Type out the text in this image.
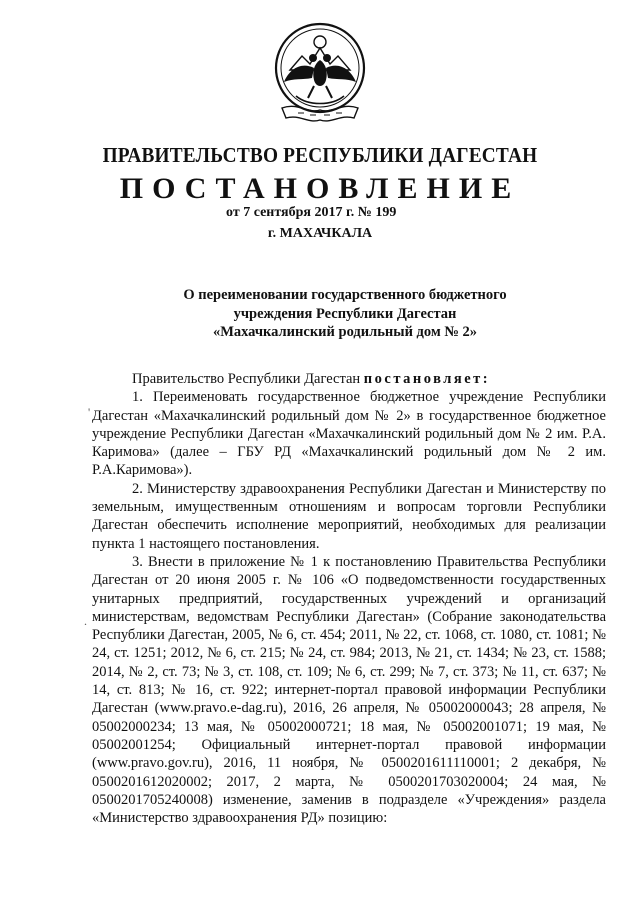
ПРАВИТЕЛЬСТВО РЕСПУБЛИКИ ДАГЕСТАН
ПОСТАНОВЛЕНИЕ
от 7 сентября 2017 г. № 199
г. МАХАЧКАЛА
О переименовании государственного бюджетного
учреждения Республики Дагестан
«Махачкалинский родильный дом № 2»

Правительство Республики Дагестан постановляет:

1. Переименовать государственное бюджетное учреждение Республики Дагестан «Махачкалинский родильный дом № 2» в государственное бюджетное учреждение Республики Дагестан «Махачкалинский родильный дом № 2 им. Р.А. Каримова» (далее – ГБУ РД «Махачкалинский родильный дом № 2 им. Р.А.Каримова»).

2. Министерству здравоохранения Республики Дагестан и Министерству по земельным, имущественным отношениям и вопросам торговли Республики Дагестан обеспечить исполнение мероприятий, необходимых для реализации пункта 1 настоящего постановления.

3. Внести в приложение № 1 к постановлению Правительства Республики Дагестан от 20 июня 2005 г. № 106 «О подведомственности государственных унитарных предприятий, государственных учреждений и организаций министерствам, ведомствам Республики Дагестан» (Собрание законодательства Республики Дагестан, 2005, № 6, ст. 454; 2011, № 22, ст. 1068, ст. 1080, ст. 1081; № 24, ст. 1251; 2012, № 6, ст. 215; № 24, ст. 984; 2013, № 21, ст. 1434; № 23, ст. 1588; 2014, № 2, ст. 73; № 3, ст. 108, ст. 109; № 6, ст. 299; № 7, ст. 373; № 11, ст. 637; № 14, ст. 813; № 16, ст. 922; интернет-портал правовой информации Республики Дагестан (www.pravo.e-dag.ru), 2016, 26 апреля, № 05002000043; 28 апреля, № 05002000234; 13 мая, № 05002000721; 18 мая, № 05002001071; 19 мая, № 05002001254; Официальный интернет-портал правовой информации (www.pravo.gov.ru), 2016, 11 ноября, № 0500201611110001; 2 декабря, № 0500201612020002; 2017, 2 марта, № 0500201703020004; 24 мая, № 0500201705240008) изменение, заменив в подразделе «Учреждения» раздела «Министерство здравоохранения РД» позицию:

'
.
